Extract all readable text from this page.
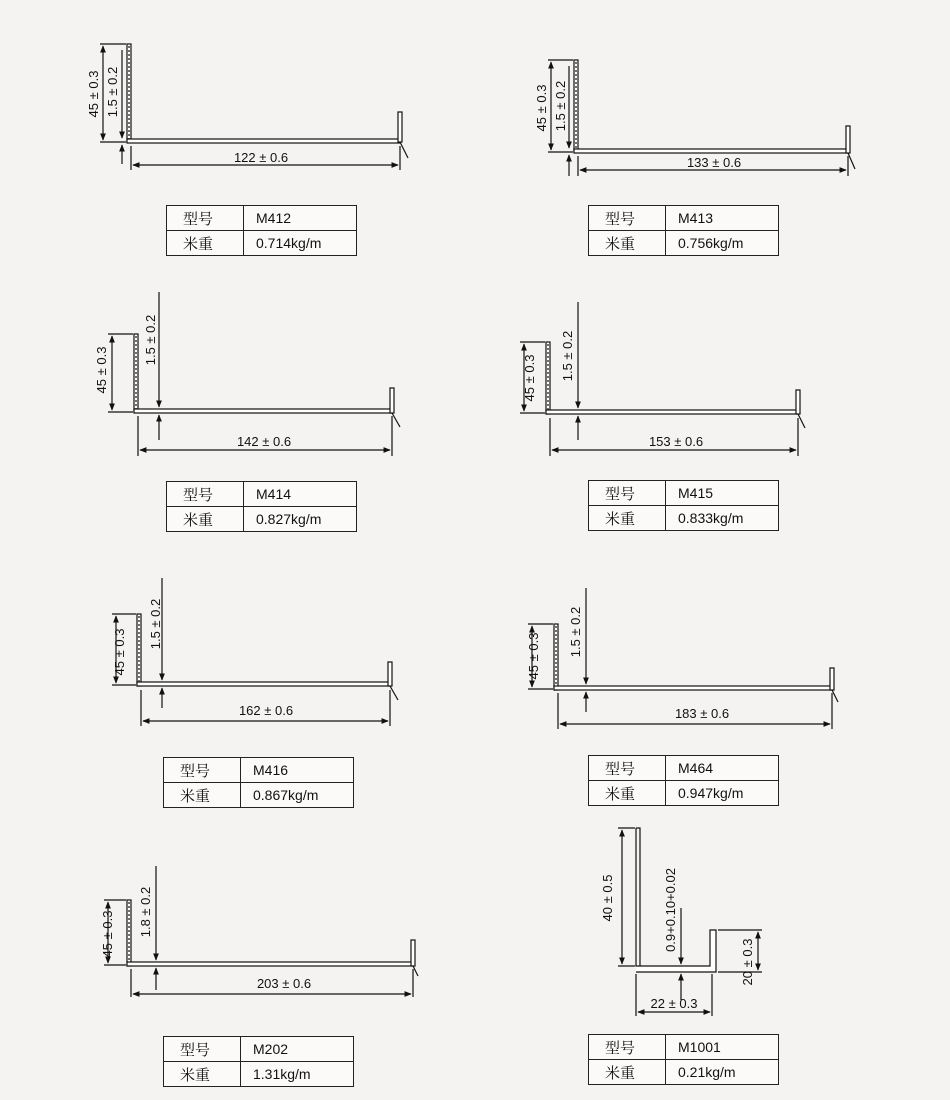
45 ± 0.3 1.5 ± 0.2
122 ± 0.6
45 ± 0.3 1.5 ± 0.2
133 ± 0.6
45 ± 0.3
1.5 ± 0.2
142 ± 0.6
45 ± 0.3 1.5 ± 0.2
153 ± 0.6
45 ± 0.3
1.5 ± 0.2
162 ± 0.6
45 ± 0.3 1.5 ± 0.2
183 ± 0.6
45 ± 0.3 1.8 ± 0.2
203 ± 0.6
40 ± 0.5	0.9+0.10+0.02
22 ± 0.3
20 ± 0.3
型号	M412
米重	0.714kg/m
型号	M413
米重	0.756kg/m
型号	M414
米重	0.827kg/m
型号	M415
米重	0.833kg/m
型号	M416
米重	0.867kg/m
型号	M464
米重	0.947kg/m
型号	M202
米重	1.31kg/m
型号	M1001
米重	0.21kg/m
